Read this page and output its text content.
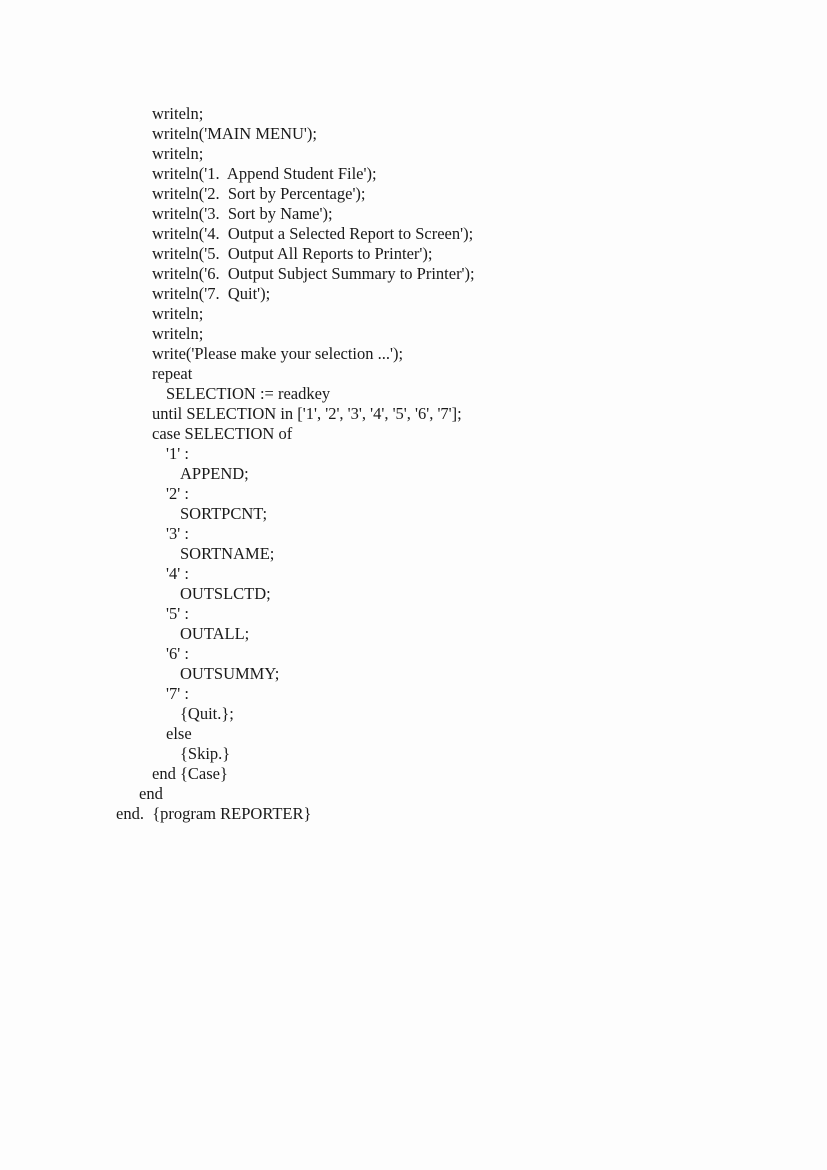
writeln;
writeln('MAIN MENU');
writeln;
writeln('1.  Append Student File');
writeln('2.  Sort by Percentage');
writeln('3.  Sort by Name');
writeln('4.  Output a Selected Report to Screen');
writeln('5.  Output All Reports to Printer');
writeln('6.  Output Subject Summary to Printer');
writeln('7.  Quit');
writeln;
writeln;
write('Please make your selection ...');
repeat
SELECTION := readkey
until SELECTION in ['1', '2', '3', '4', '5', '6', '7'];
case SELECTION of
'1' :
APPEND;
'2' :
SORTPCNT;
'3' :
SORTNAME;
'4' :
OUTSLCTD;
'5' :
OUTALL;
'6' :
OUTSUMMY;
'7' :
{Quit.};
else
{Skip.}
end {Case}
end
end.  {program REPORTER}
